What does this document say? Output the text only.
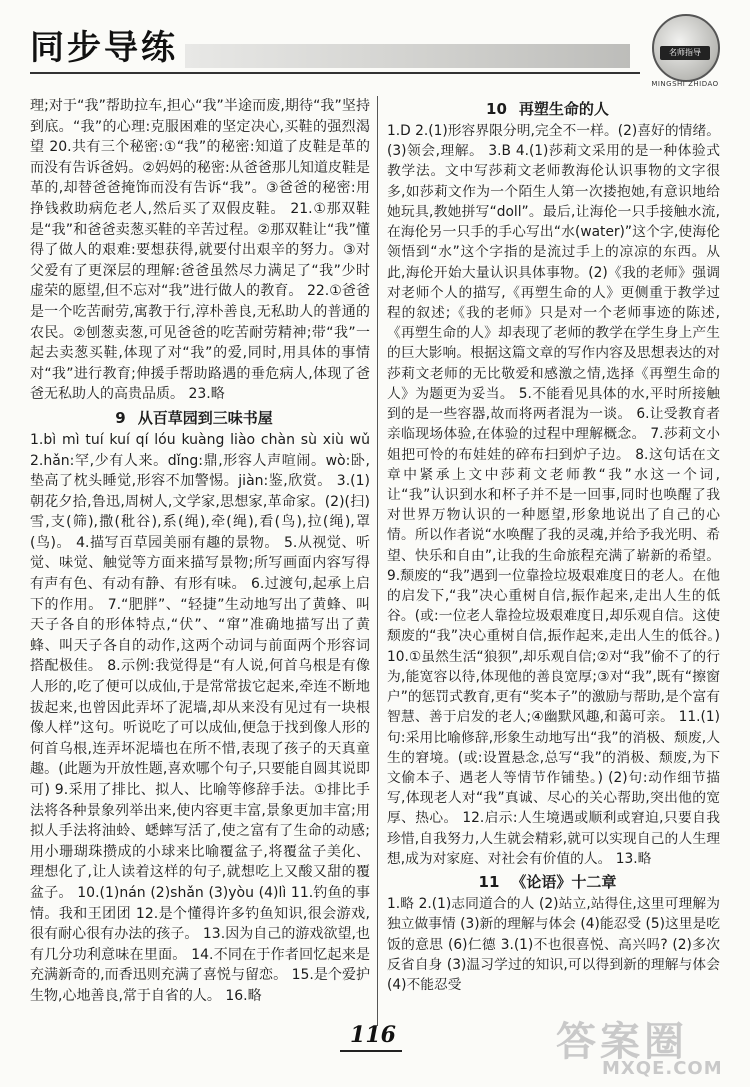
同步导练	名师指导
MINGSHI ZHIDAO

理;对于“我”帮助拉车,担心“我”半途而废,期待“我”坚持到底。“我”的心理:克服困难的坚定决心,买鞋的强烈渴望 20.共有三个秘密:①“我”的秘密:知道了皮鞋是革的而没有告诉爸妈。②妈妈的秘密:从爸爸那儿知道皮鞋是革的,却替爸爸掩饰而没有告诉“我”。③爸爸的秘密:用挣钱救助病危老人,然后买了双假皮鞋。 21.①那双鞋是“我”和爸爸卖葱买鞋的辛苦过程。②那双鞋让“我”懂得了做人的艰难:要想获得,就要付出艰辛的努力。③对父爱有了更深层的理解:爸爸虽然尽力满足了“我”少时虚荣的愿望,但不忘对“我”进行做人的教育。 22.①爸爸是一个吃苦耐劳,寓教于行,淳朴善良,无私助人的普通的农民。②刨葱卖葱,可见爸爸的吃苦耐劳精神;带“我”一起去卖葱买鞋,体现了对“我”的爱,同时,用具体的事情对“我”进行教育;伸援手帮助路遇的垂危病人,体现了爸爸无私助人的高贵品质。 23.略

9 从百草园到三味书屋

1.bì mì tuí kuí qí lóu kuàng liào chàn sù xiù wǔ 2.hǎn:罕,少有人来。dǐng:鼎,形容人声喧闹。wò:卧,垫高了枕头睡觉,形容不加警惕。jiàn:鉴,欣赏。 3.(1)朝花夕拾,鲁迅,周树人,文学家,思想家,革命家。(2)(扫)雪,支(筛),撒(秕谷),系(绳),牵(绳),看(鸟),拉(绳),罩(鸟)。 4.描写百草园美丽有趣的景物。 5.从视觉、听觉、味觉、触觉等方面来描写景物;所写画面内容写得有声有色、有动有静、有形有味。 6.过渡句,起承上启下的作用。 7.“肥胖”、“轻捷”生动地写出了黄蜂、叫天子各自的形体特点,“伏”、“窜”准确地描写出了黄蜂、叫天子各自的动作,这两个动词与前面两个形容词搭配极佳。 8.示例:我觉得是“有人说,何首乌根是有像人形的,吃了便可以成仙,于是常常拔它起来,牵连不断地拔起来,也曾因此弄坏了泥墙,却从来没有见过有一块根像人样”这句。听说吃了可以成仙,便急于找到像人形的何首乌根,连弄坏泥墙也在所不惜,表现了孩子的天真童趣。(此题为开放性题,喜欢哪个句子,只要能自圆其说即可) 9.采用了排比、拟人、比喻等修辞手法。①排比手法将各种景象列举出来,使内容更丰富,景象更加丰富;用拟人手法将油蛉、蟋蟀写活了,使之富有了生命的动感;用小珊瑚珠攒成的小球来比喻覆盆子,将覆盆子美化、理想化了,让人读着这样的句子,就想吃上又酸又甜的覆盆子。 10.(1)nán (2)shǎn (3)yòu (4)lì 11.钓鱼的事情。我和王团团 12.是个懂得许多钓鱼知识,很会游戏,很有耐心很有办法的孩子。 13.因为自己的游戏欲望,也有几分功利意味在里面。 14.不同在于作者回忆起来是充满新奇的,而香迅则充满了喜悦与留恋。 15.是个爱护生物,心地善良,常于自省的人。 16.略

10 再塑生命的人

1.D 2.(1)形容界限分明,完全不一样。(2)喜好的情绪。(3)领会,理解。 3.B 4.(1)莎莉文采用的是一种体验式教学法。文中写莎莉文老师教海伦认识事物的文字很多,如莎莉文作为一个陌生人第一次搂抱她,有意识地给她玩具,教她拼写“doll”。最后,让海伦一只手接触水流,在海伦另一只手的手心写出“水(water)”这个字,使海伦领悟到“水”这个字指的是流过手上的凉凉的东西。从此,海伦开始大量认识具体事物。(2)《我的老师》强调对老师个人的描写,《再塑生命的人》更侧重于教学过程的叙述;《我的老师》只是对一个老师事迹的陈述,《再塑生命的人》却表现了老师的教学在学生身上产生的巨大影响。根据这篇文章的写作内容及思想表达的对莎莉文老师的无比敬爱和感激之情,选择《再塑生命的人》为题更为妥当。 5.不能看见具体的水,平时所接触到的是一些容器,故而将两者混为一谈。 6.让受教育者亲临现场体验,在体验的过程中理解概念。 7.莎莉文小姐把可怜的布娃娃的碎布扫到炉子边。 8.这句话在文章中紧承上文中莎莉文老师教“我”水这一个词,让“我”认识到水和杯子并不是一回事,同时也唤醒了我对世界万物认识的一种愿望,形象地说出了自己的心情。所以作者说“水唤醒了我的灵魂,并给予我光明、希望、快乐和自由”,让我的生命旅程充满了崭新的希望。 9.颓废的“我”遇到一位靠捡垃圾艰难度日的老人。在他的启发下,“我”决心重树自信,振作起来,走出人生的低谷。(或:一位老人靠捡垃圾艰难度日,却乐观自信。这使颓废的“我”决心重树自信,振作起来,走出人生的低谷。) 10.①虽然生活“狼狈”,却乐观自信;②对“我”偷不了的行为,能宽容以待,体现他的善良宽厚;③对“我”,既有“擦窗户”的惩罚式教育,更有“奖本子”的激励与帮助,是个富有智慧、善于启发的老人;④幽默风趣,和蔼可亲。 11.(1)句:采用比喻修辞,形象生动地写出“我”的消极、颓废,人生的窘境。(或:设置悬念,总写“我”的消极、颓废,为下文偷本子、遇老人等情节作铺垫。) (2)句:动作细节描写,体现老人对“我”真诚、尽心的关心帮助,突出他的宽厚、热心。 12.启示:人生境遇或顺利或窘迫,只要自我珍惜,自我努力,人生就会精彩,就可以实现自己的人生理想,成为对家庭、对社会有价值的人。 13.略

11 《论语》十二章

1.略 2.(1)志同道合的人 (2)站立,站得住,这里可理解为独立做事情 (3)新的理解与体会 (4)能忍受 (5)这里是吃饭的意思 (6)仁德 3.(1)不也很喜悦、高兴吗? (2)多次反省自身 (3)温习学过的知识,可以得到新的理解与体会 (4)不能忍受

116	答案圈
MXQE.COM
